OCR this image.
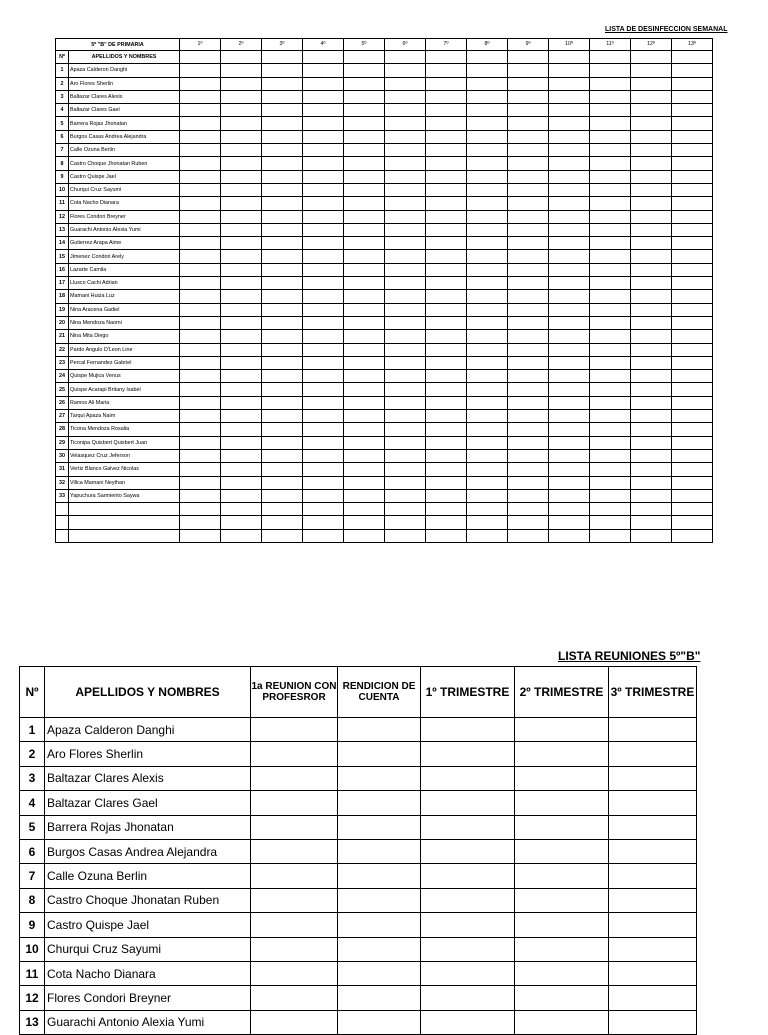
LISTA DE DESINFECCION SEMANAL
5º "B" DE PRIMARIA		1º	2º	3º	4º	5º	6º	7º	8º	9º	10º	11º	12º	13º
Nº	APELLIDOS Y NOMBRES													
1	Apaza Calderon Danghi													
2	Aro Flores Sherlin													
3	Baltazar Clares Alexis													
4	Baltazar Clares Gael													
5	Barrera Rojas Jhonatan													
6	Burgos Casas Andrea Alejandra													
7	Calle Ozuna Berlin													
8	Castro Choque Jhonatan Ruben													
9	Castro Quispe Jael													
10	Churqui Cruz Sayumi													
11	Cota Nacho Dianara													
12	Flores Condori Breyner													
13	Guarachi Antonio Alexia Yumi													
14	Gutierrez Arapa Aime													
15	Jimenez Condori Arely													
16	Lazarte Camila													
17	Llusco Cachi Adrian													
18	Mamani Huiza Luz													
19	Nina Aracena Gadiel													
20	Nina Mendoza Naomi													
21	Nina Mita Diego													
22	Pardo Angulo D'Leon Line													
23	Percal Fernandez Gabriel													
24	Quispe Mujica Venus													
25	Quispe Acarapi Britany Isabel													
26	Ramos Ali Maria													
27	Tarqui Apaza Naim													
28	Ticona Mendoza Rosalia													
29	Ticonipa Quisbert Quisbert Juan													
30	Velasquez Cruz Jeferson													
31	Vertiz Blanco Galvez Nicolas													
32	Villca Mamani Neythan													
33	Yapuchura Sarmiento Saywa													

LISTA REUNIONES 5º"B"
Nº	APELLIDOS Y NOMBRES	1a REUNION CON PROFESROR	RENDICION DE CUENTA	1º TRIMESTRE	2º TRIMESTRE	3º TRIMESTRE
1	Apaza Calderon Danghi					
2	Aro Flores Sherlin					
3	Baltazar Clares Alexis					
4	Baltazar Clares Gael					
5	Barrera Rojas Jhonatan					
6	Burgos Casas Andrea Alejandra					
7	Calle Ozuna Berlin					
8	Castro Choque Jhonatan Ruben					
9	Castro Quispe Jael					
10	Churqui Cruz Sayumi					
11	Cota Nacho Dianara					
12	Flores Condori Breyner					
13	Guarachi Antonio Alexia Yumi					
